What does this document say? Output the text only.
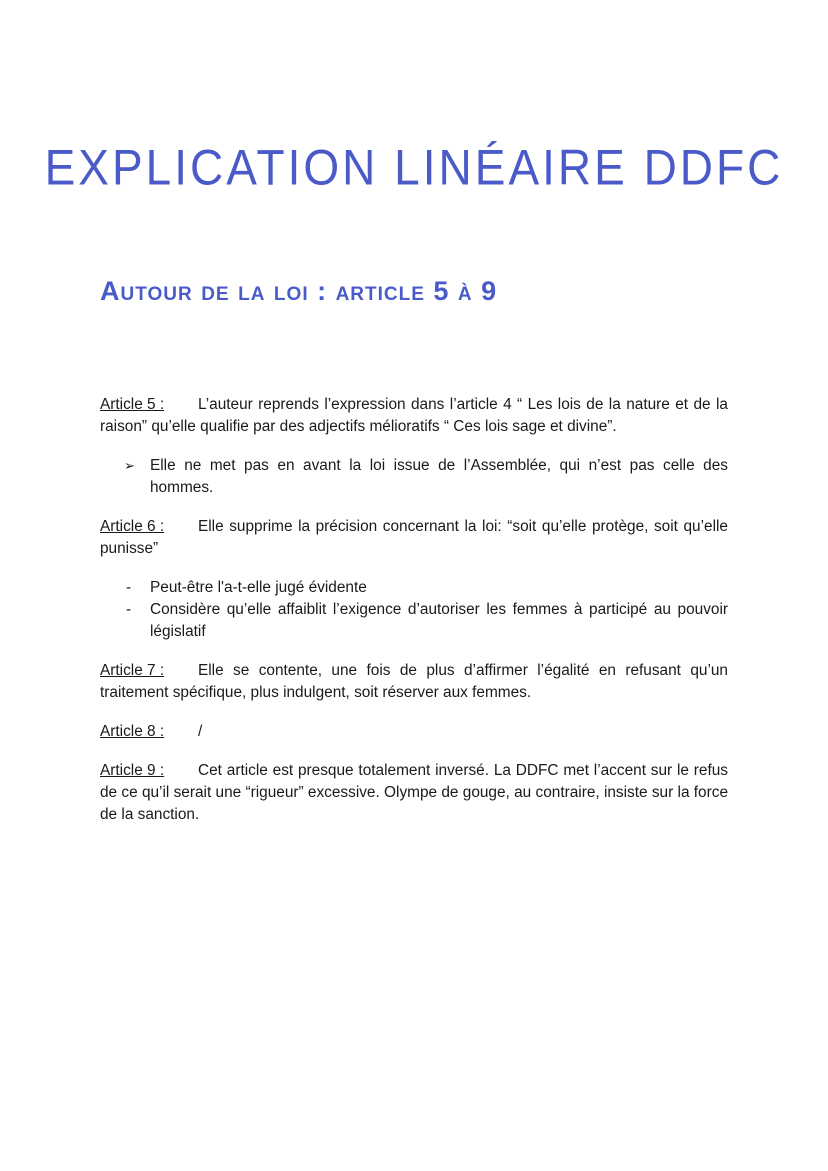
EXPLICATION LINÉAIRE DDFC
Autour de la loi : article 5 à 9

Article 5 : L’auteur reprends l’expression dans l’article 4 “ Les lois de la nature et de la raison” qu’elle qualifie par des adjectifs mélioratifs “ Ces lois sage et divine”.

➢ Elle ne met pas en avant la loi issue de l’Assemblée, qui n’est pas celle des hommes.

Article 6 : Elle supprime la précision concernant la loi: “soit qu’elle protège, soit qu’elle punisse”

- Peut-être l'a-t-elle jugé évidente
- Considère qu’elle affaiblit l’exigence d’autoriser les femmes à participé au pouvoir législatif

Article 7 : Elle se contente, une fois de plus d’affirmer l’égalité en refusant qu’un traitement spécifique, plus indulgent, soit réserver aux femmes.

Article 8 : /

Article 9 : Cet article est presque totalement inversé. La DDFC met l’accent sur le refus de ce qu’il serait une “rigueur” excessive. Olympe de gouge, au contraire, insiste sur la force de la sanction.
